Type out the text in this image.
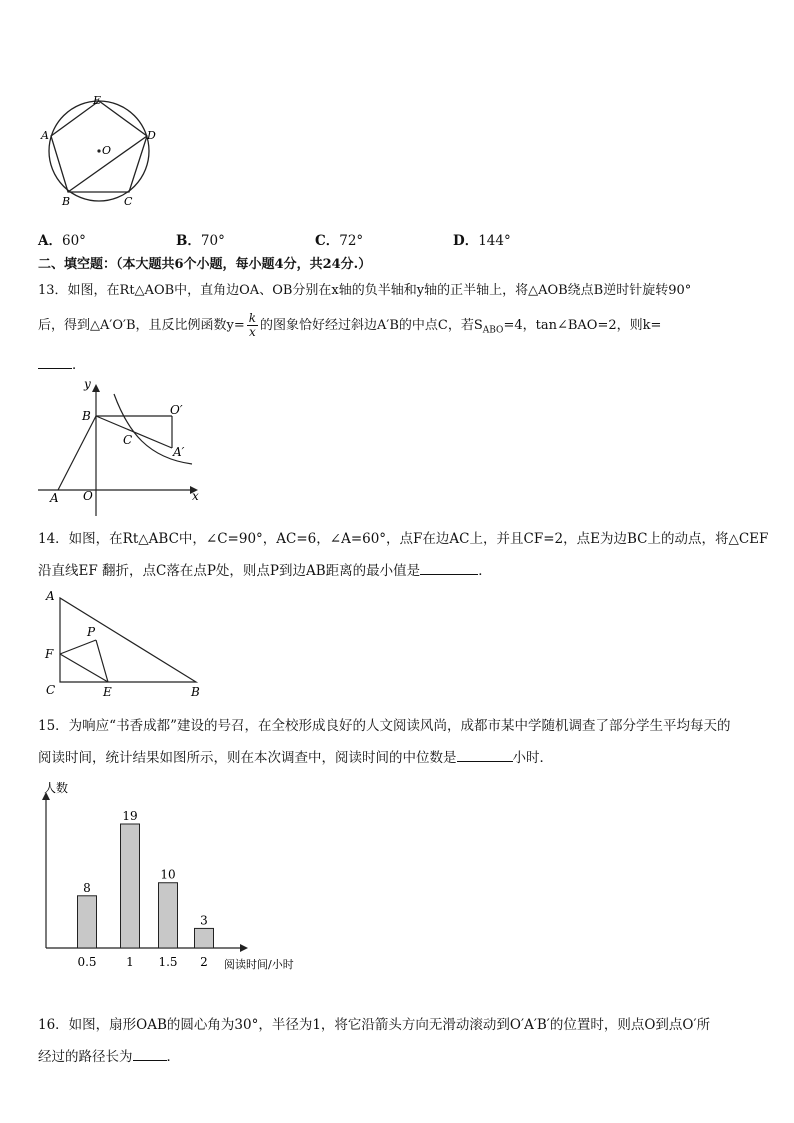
E
A	D
O
B	C
A．60°	B．70°	C．72°	D．144°
二、填空题：（本大题共6个小题，每小题4分，共24分.）
13．如图，在Rt△AOB中，直角边OA、OB分别在x轴的负半轴和y轴的正半轴上，将△AOB绕点B逆时针旋转90°
后，得到△A′O′B，且反比例函数$y= \frac{k}{x}$ 的图象恰好经过斜边A′B的中点C，若$S_{ABO}=4$，tan∠BAO=2，则k=
．
y
x
B	O′
C
A′
A O
14．如图，在Rt△ABC中，∠C=90°，AC=6，∠A=60°，点F在边AC上，并且CF=2，点E为边BC上的动点，将△CEF
沿直线EF 翻折，点C落在点P处，则点P到边AB距离的最小值是	．
A
P
F
C	E	B
15．为响应“书香成都”建设的号召，在全校形成良好的人文阅读风尚，成都市某中学随机调查了部分学生平均每天的
阅读时间，统计结果如图所示，则在本次调查中，阅读时间的中位数是	小时．
人数
阅读时间/小时
8
0.5
19
1
10
1.5
3
2
16．如图，扇形OAB的圆心角为30°，半径为1，将它沿箭头方向无滑动滚动到O′A′B′的位置时，则点O到点O′所
经过的路径长为	．
